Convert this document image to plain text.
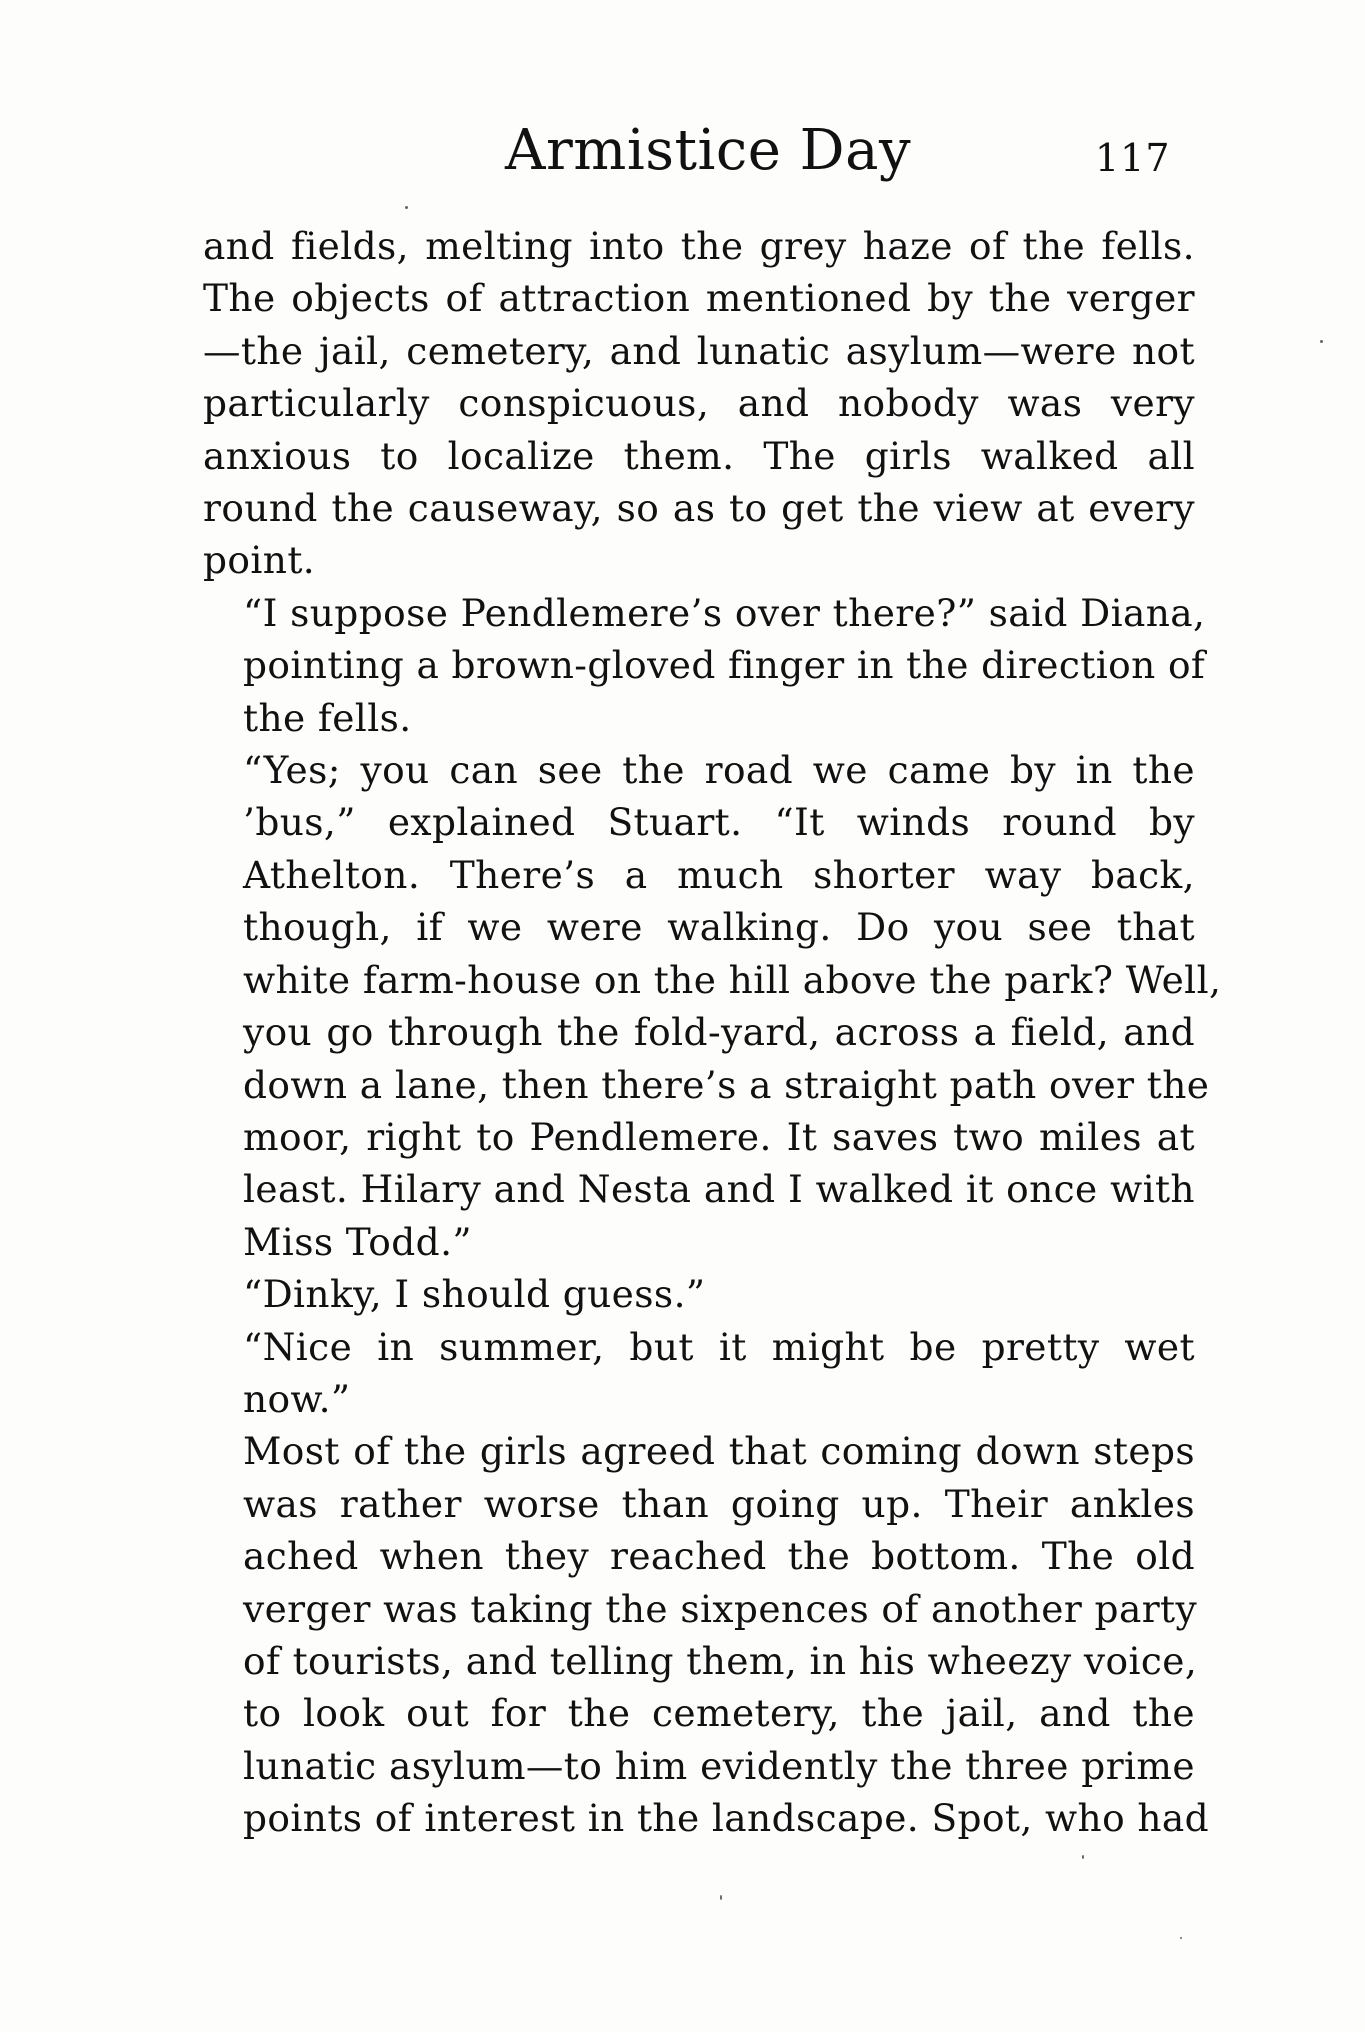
Armistice Day	117

and fields, melting into the grey haze of the fells.
The objects of attraction mentioned by the verger
—the jail, cemetery, and lunatic asylum—were not
particularly conspicuous, and nobody was very
anxious to localize them. The girls walked all
round the causeway, so as to get the view at every
point.

“I suppose Pendlemere’s over there?” said Diana,
pointing a brown-gloved finger in the direction of
the fells.

“Yes; you can see the road we came by in the
’bus,” explained Stuart. “It winds round by
Athelton. There’s a much shorter way back,
though, if we were walking. Do you see that
white farm-house on the hill above the park? Well,
you go through the fold-yard, across a field, and
down a lane, then there’s a straight path over the
moor, right to Pendlemere. It saves two miles at
least. Hilary and Nesta and I walked it once with
Miss Todd.”

“Dinky, I should guess.”

“Nice in summer, but it might be pretty wet
now.”

Most of the girls agreed that coming down steps
was rather worse than going up. Their ankles
ached when they reached the bottom. The old
verger was taking the sixpences of another party
of tourists, and telling them, in his wheezy voice,
to look out for the cemetery, the jail, and the
lunatic asylum—to him evidently the three prime
points of interest in the landscape. Spot, who had
